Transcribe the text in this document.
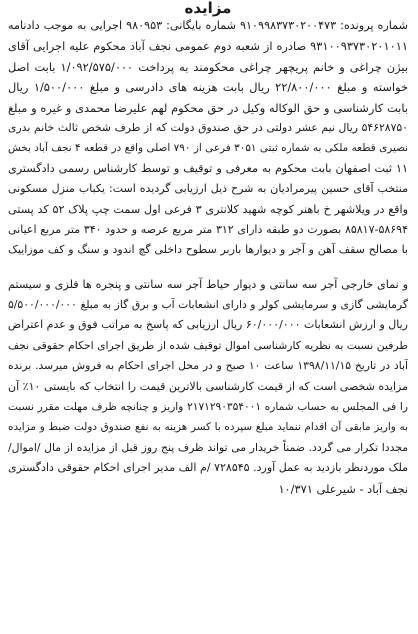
مزایده
شماره پرونده: ۹۱۰۹۹۸۳۷۳۰۲۰۰۴۷۳ شماره بایگانی: ۹۸۰۹۵۳ اجرایی به موجب دادنامه
۹۳۱۰۰۹۳۷۳۰۲۰۱۰۱۱ صادره از شعبه دوم عمومی نجف آباد محکوم علیه اجرایی آقای
بیژن چراغی و خانم پریچهر چراغی محکومند به پرداخت ۱/۰۹۲/۵۷۵/۰۰۰ بابت اصل
خواسته و مبلغ ۲۲/۸۰۰/۰۰۰ ریال بابت هزینه های دادرسی و مبلغ ۱/۵۰۰/۰۰۰ ریال
بابت کارشناسی و حق الوکاله وکیل در حق محکوم لهم علیرضا محمدی و غیره و مبلغ
۵۴۶۲۸۷۵۰ ریال نیم عشر دولتی در حق صندوق دولت که از طرف شخص ثالث خانم بدری
نصیری قطعه ملکی به شماره ثبتی ۳۰۵۱ فرعی از ۷۹۰ اصلی واقع در قطعه ۴ نجف آباد بخش
۱۱ ثبت اصفهان بابت محکوم به معرفی و توقیف و توسط کارشناس رسمی دادگستری
منتخب آقای حسین پیرمرادیان به شرح ذیل ارزیابی گردیده است: یکباب منزل مسکونی
واقع در ویلاشهر خ باهنر کوچه شهید کلانتری ۳ فرعی اول سمت چپ پلاک ۵۲ کد پستی
۸۵۸۱۷-۵۸۶۹۴ بصورت دو طبقه دارای ۳۱۲ متر مربع عرصه و حدود ۳۴۰ متر مربع اعیانی
با مصالح سقف آهن و آجر و دیوارها باربر سطوح داخلی گچ اندود و سنگ و کف موزاییک
و نمای خارجی آجر سه سانتی و دیوار حیاط آجر سه سانتی و پنجره ها فلزی و سیستم
گرمایشی گازی و سرمایشی کولر و دارای انشعابات آب و برق گاز به مبلغ ۵/۵۰۰/۰۰۰/۰۰۰
ریال و ارزش انشعابات ۶۰/۰۰۰/۰۰۰ ریال ارزیابی که پاسخ به مراتب فوق و عدم اعتراض
طرفین نسبت به نظریه کارشناسی اموال توقیف شده از طریق اجرای احکام حقوقی نجف
آباد در تاریخ ۱۳۹۸/۱۱/۱۵ ساعت ۱۰ صبح و در محل اجرای احکام به فروش میرسد. برنده
مزایده شخصی است که از قیمت کارشناسی بالاترین قیمت را انتخاب که بایستی ۱۰٪ آن
را فی المجلس به حساب شماره ۲۱۷۱۲۹۰۳۵۴۰۰۱ واریز و چنانچه ظرف مهلت مقرر نسبت
به واریز مابقی آن اقدام ننماید مبلغ سپرده با کسر هزینه به نفع صندوق دولت ضبط و مزایده
مجددا تکرار می گردد. ضمناً خریدار می تواند ظرف پنج روز قبل از مزایده از مال /اموال/
ملک موردنظر بازدید به عمل آورد. ۷۲۸۵۴۵ /م الف مدیر اجرای احکام حقوقی دادگستری
نجف آباد - شیرعلی ۱۰/۳۷۱
